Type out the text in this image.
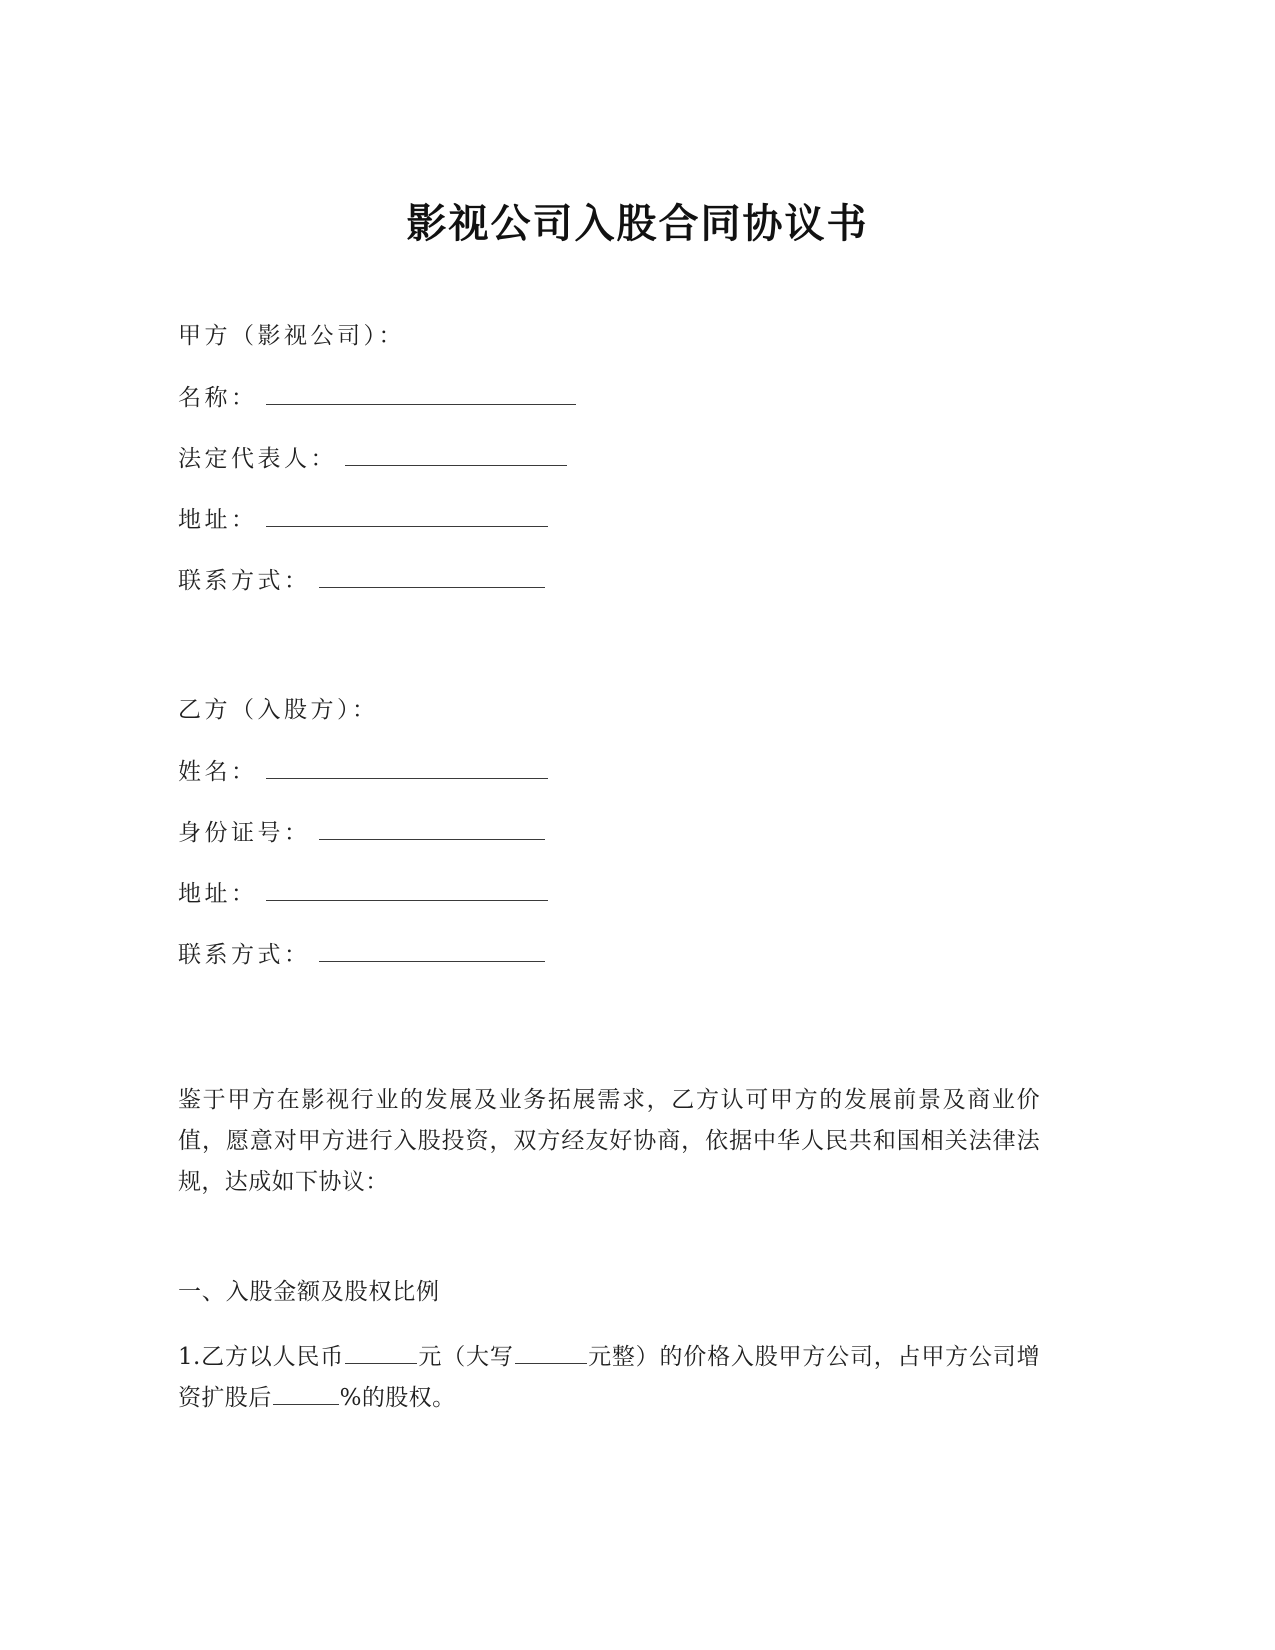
影视公司入股合同协议书
甲方（影视公司）：
名称：
法定代表人：
地址：
联系方式：
乙方（入股方）：
姓名：
身份证号：
地址：
联系方式：
鉴于甲方在影视行业的发展及业务拓展需求，乙方认可甲方的发展前景及商业价值，愿意对甲方进行入股投资，双方经友好协商，依据中华人民共和国相关法律法规，达成如下协议：
一、入股金额及股权比例
1.乙方以人民币	元（大写	元整）的价格入股甲方公司，占甲方公司增资扩股后	%的股权。
